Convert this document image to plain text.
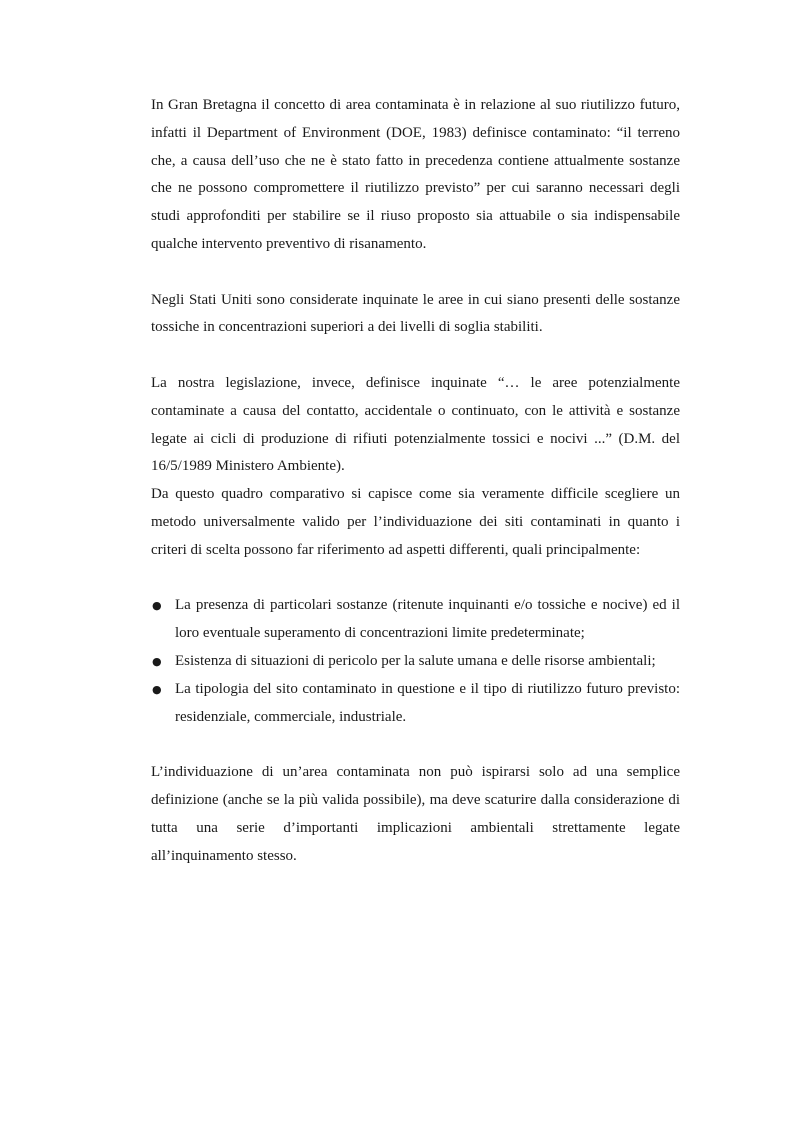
In Gran Bretagna il concetto di area contaminata è in relazione al suo riutilizzo futuro, infatti il Department of Environment (DOE, 1983) definisce contaminato: “il terreno che, a causa dell’uso che ne è stato fatto in precedenza contiene attualmente sostanze che ne possono compromettere il riutilizzo previsto” per cui saranno necessari degli studi approfonditi per stabilire se il riuso proposto sia attuabile o sia indispensabile qualche intervento preventivo di risanamento.

Negli Stati Uniti sono considerate inquinate le aree in cui siano presenti delle sostanze tossiche in concentrazioni superiori a dei livelli di soglia stabiliti.

La nostra legislazione, invece, definisce inquinate “… le aree potenzialmente contaminate a causa del contatto, accidentale o continuato, con le attività e sostanze legate ai cicli di produzione di rifiuti potenzialmente tossici e nocivi ...” (D.M. del 16/5/1989 Ministero Ambiente).

Da questo quadro comparativo si capisce come sia veramente difficile scegliere un metodo universalmente valido per l’individuazione dei siti contaminati in quanto i criteri di scelta possono far riferimento ad aspetti differenti, quali principalmente:

● La presenza di particolari sostanze (ritenute inquinanti e/o tossiche e nocive) ed il loro eventuale superamento di concentrazioni limite predeterminate;
● Esistenza di situazioni di pericolo per la salute umana e delle risorse ambientali;
● La tipologia del sito contaminato in questione e il tipo di riutilizzo futuro previsto: residenziale, commerciale, industriale.

L’individuazione di un’area contaminata non può ispirarsi solo ad una semplice definizione (anche se la più valida possibile), ma deve scaturire dalla considerazione di tutta una serie d’importanti implicazioni ambientali strettamente legate all’inquinamento stesso.
